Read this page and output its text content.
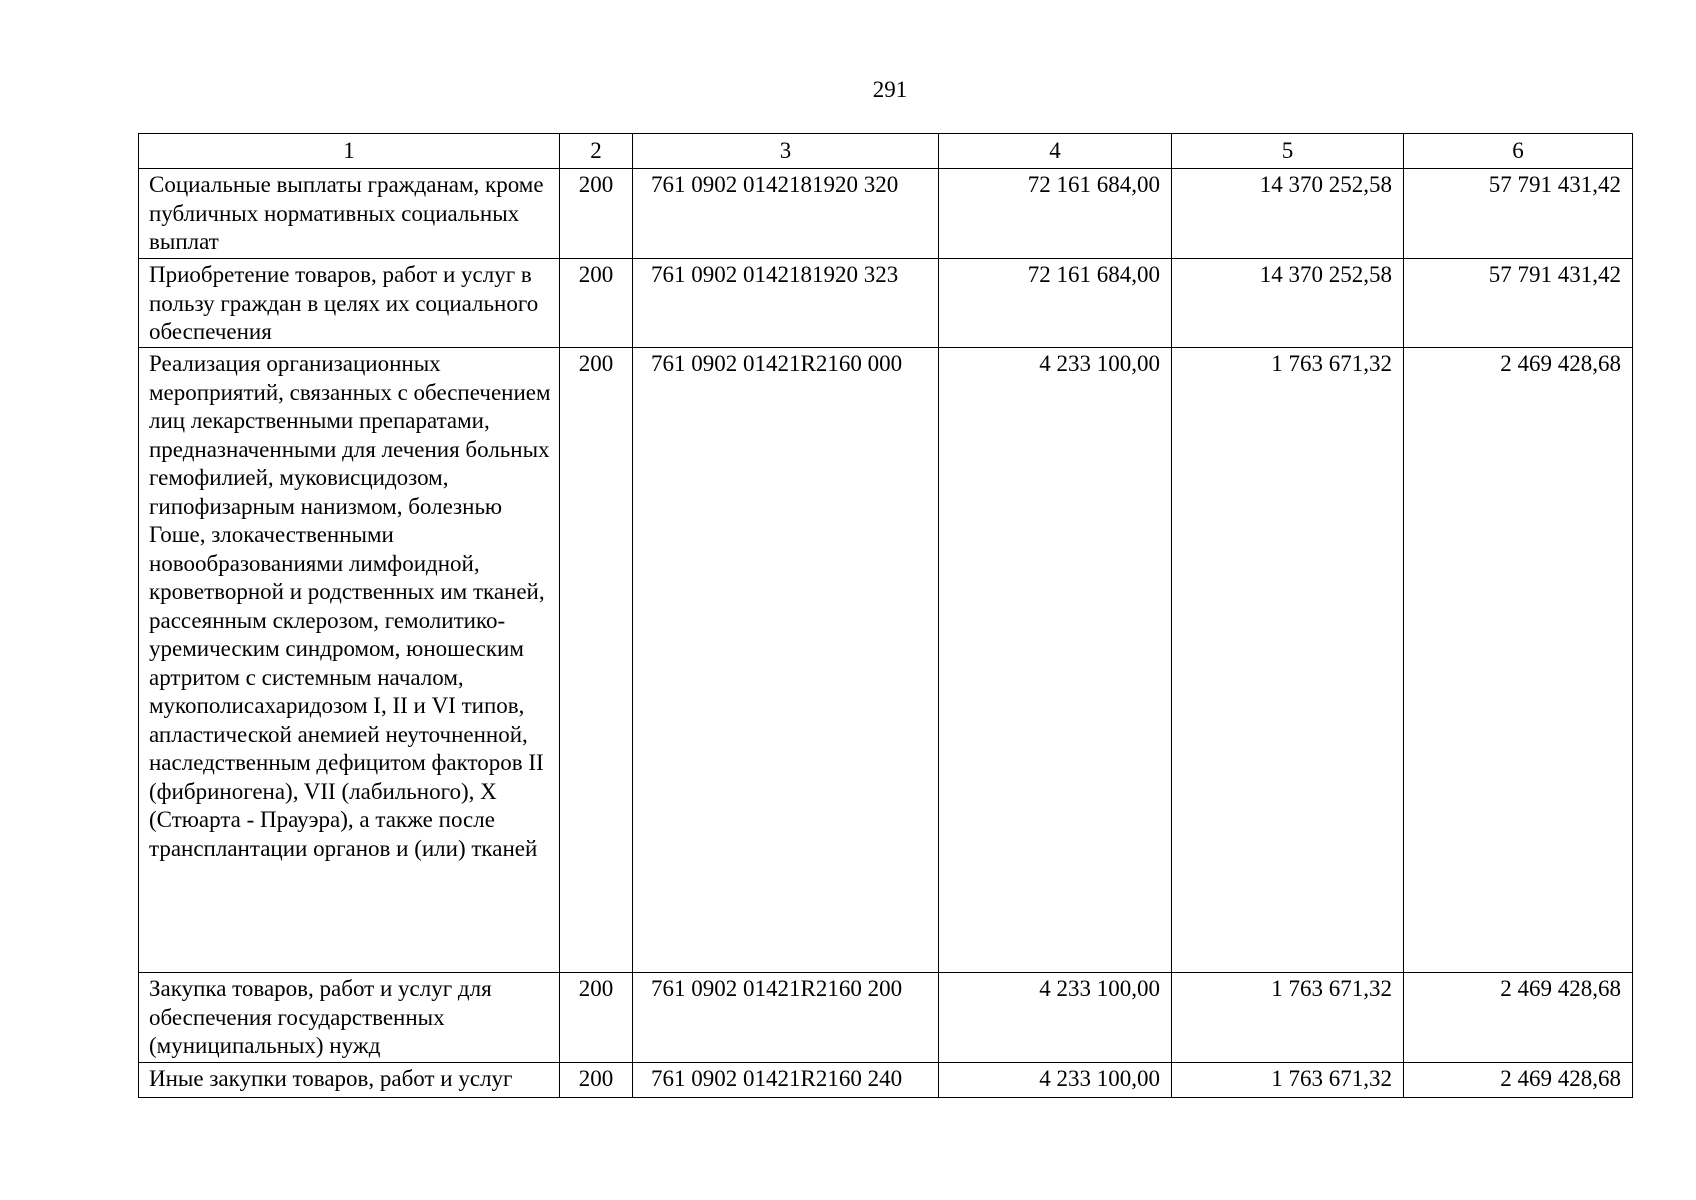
291
1	2	3	4	5	6
Социальные выплаты гражданам, кроме публичных нормативных социальных выплат	200	761 0902 0142181920 320	72 161 684,00	14 370 252,58	57 791 431,42
Приобретение товаров, работ и услуг в пользу граждан в целях их социального обеспечения	200	761 0902 0142181920 323	72 161 684,00	14 370 252,58	57 791 431,42
Реализация организационных мероприятий, связанных с обеспечением лиц лекарственными препаратами, предназначенными для лечения больных гемофилией, муковисцидозом, гипофизарным нанизмом, болезнью Гоше, злокачественными новообразованиями лимфоидной, кроветворной и родственных им тканей, рассеянным склерозом, гемолитико-уремическим синдромом, юношеским артритом с системным началом, мукополисахаридозом I, II и VI типов, апластической анемией неуточненной, наследственным дефицитом факторов II (фибриногена), VII (лабильного), X (Стюарта - Прауэра), а также после трансплантации органов и (или) тканей	200	761 0902 01421R2160 000	4 233 100,00	1 763 671,32	2 469 428,68
Закупка товаров, работ и услуг для обеспечения государственных (муниципальных) нужд	200	761 0902 01421R2160 200	4 233 100,00	1 763 671,32	2 469 428,68
Иные закупки товаров, работ и услуг	200	761 0902 01421R2160 240	4 233 100,00	1 763 671,32	2 469 428,68
